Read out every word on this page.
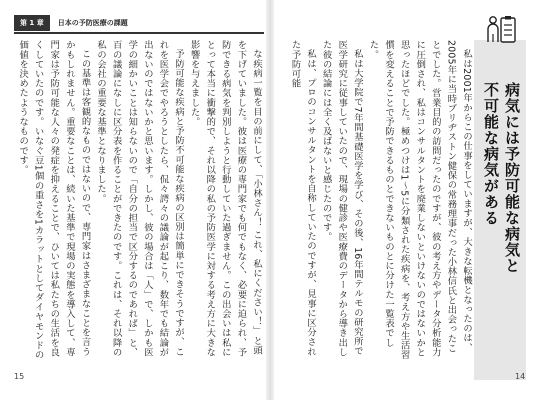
第 1 章	日本の予防医療の課題

な疾病一覧を目の前にして、「小林さん！ これ、私にください！」と頭を下げていました。彼は医療の専門家でも何でもなく、必要に迫られ、予防できる病気を判別しようと行動していた過ぎません。この出会いは私にとって本当に衝撃的で、それ以降の私の予防医学に対する考え方に大きな影響を与えました。

予防可能な疾病と予防不可能な疾病の区別は簡単にできそうですが、これを医学会でやろうとしたら、侃々諤々の議論が起こり、数年でも結論が出ないのではないかと思います。しかし、彼の場合は「人」で、しかも医学の細かいことは知らないので「自分の担当で区分するのであれば」と、百の議論になしに区分表を作ることができたのです。これは、それ以降の私の会社の重要な基準となりました。

この基準は客観的なものではないので、専門家はさまざまなことを言うかもしれません。重要なことは、続いた基準で現場の実態を導入して、専門家は予防可能な人々の発症を抑えることで、ひいては私たちの生活を良くしていたのです。いなぐ豆1個の重さを1カラットとしてダイヤモンドの価値を決めたようなものです。

15

私は2001年からこの仕事をしていますが、大きな転機となったのは、2005年に当時ブリヂストン健保の常務理事だった小林信氏と出会ったことでした。営業目的の訪問だったのですが、彼の考え方やデータ分析能力に圧倒され、私はコンサルタントを廃業しないといけないのではないかと思ったほどでした。極めつけは1～5に分類された疾病を、考え方や生活習慣を変えることで予防できるものとできないものとに分けた一覧表でした。

私は大学院で7年間基礎医学を学び、その後、16年間テルモの研究所で医学研究に従事していたので、現場の健診や医療費のデータから導き出した彼の結論には全く及ばないと感じたのです。

私は、プロのコンサルタントを自称していたのですが、見事に区分された予防可能

病気には予防可能な病気と
不可能な病気がある
14
